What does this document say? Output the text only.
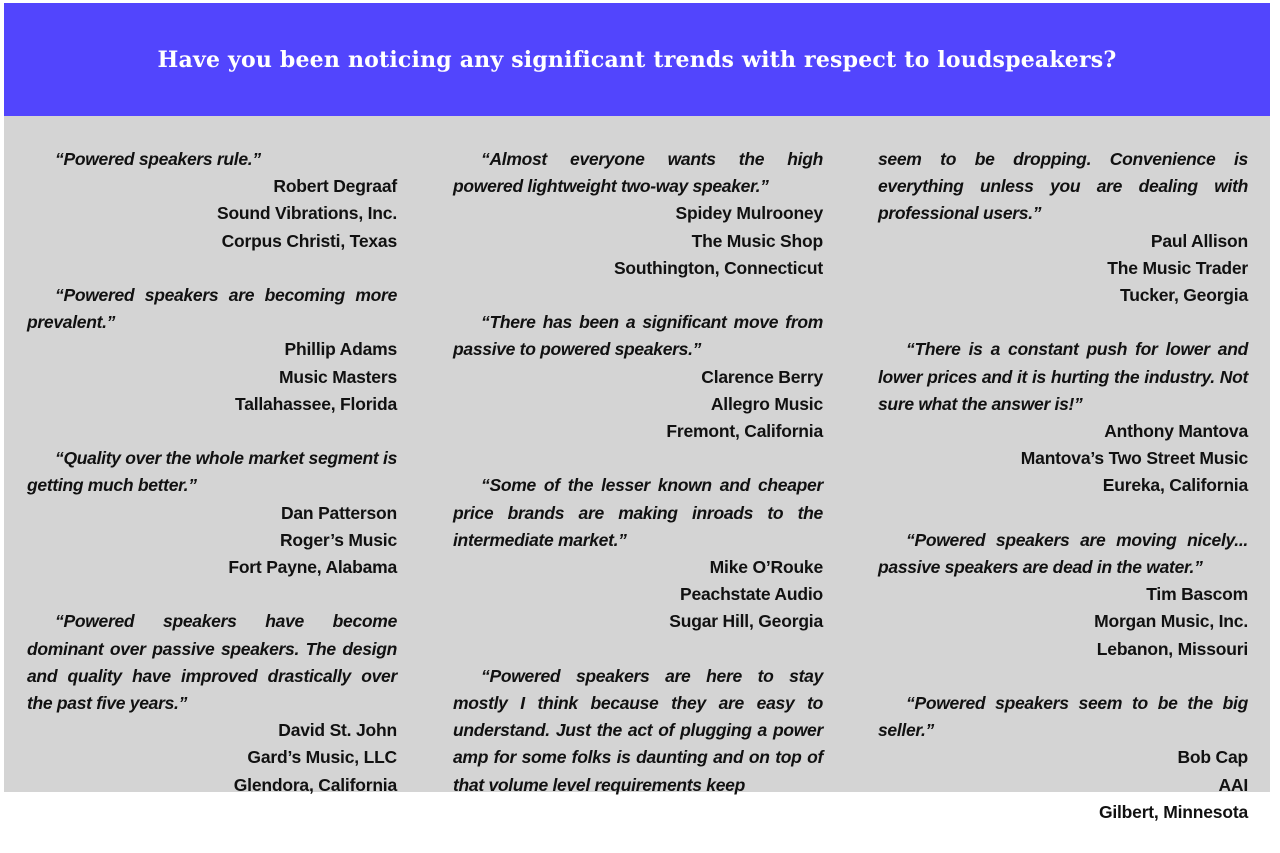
Have you been noticing any significant trends with respect to loudspeakers?

“Powered speakers rule.”

Robert Degraaf

Sound Vibrations, Inc.

Corpus Christi, Texas

“Powered speakers are becoming more prevalent.”

Phillip Adams

Music Masters

Tallahassee, Florida

“Quality over the whole market segment is getting much better.”

Dan Patterson

Roger’s Music

Fort Payne, Alabama

“Powered speakers have become dominant over passive speakers. The design and quality have improved drastically over the past five years.”

David St. John

Gard’s Music, LLC

Glendora, California

“Almost everyone wants the high powered lightweight two-way speaker.”

Spidey Mulrooney

The Music Shop

Southington, Connecticut

“There has been a significant move from passive to powered speakers.”

Clarence Berry

Allegro Music

Fremont, California

“Some of the lesser known and cheaper price brands are making inroads to the intermediate market.”

Mike O’Rouke

Peachstate Audio

Sugar Hill, Georgia

“Powered speakers are here to stay mostly I think because they are easy to understand. Just the act of plugging a power amp for some folks is daunting and on top of that volume level requirements keep

seem to be dropping. Convenience is everything unless you are dealing with professional users.”

Paul Allison

The Music Trader

Tucker, Georgia

“There is a constant push for lower and lower prices and it is hurting the industry. Not sure what the answer is!”

Anthony Mantova

Mantova’s Two Street Music

Eureka, California

“Powered speakers are moving nicely... passive speakers are dead in the water.”

Tim Bascom

Morgan Music, Inc.

Lebanon, Missouri

“Powered speakers seem to be the big seller.”

Bob Cap

AAI

Gilbert, Minnesota
